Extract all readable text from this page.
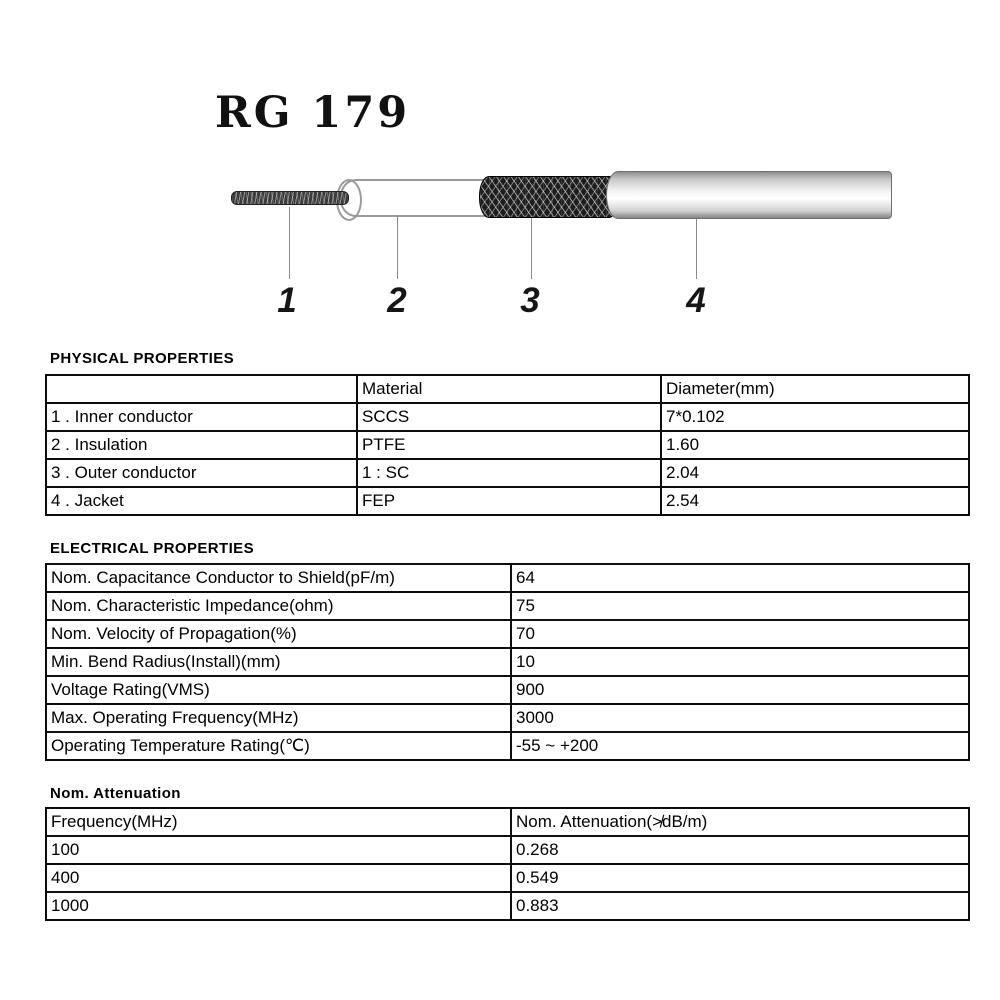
RG 179
1	2	3	4
PHYSICAL PROPERTIES
	Material	Diameter(mm)
1 . Inner conductor	SCCS	7*0.102
2 . Insulation	PTFE	1.60
3 . Outer conductor	1 : SC	2.04
4 . Jacket	FEP	2.54
ELECTRICAL PROPERTIES
Nom. Capacitance Conductor to Shield(pF/m)	64
Nom. Characteristic Impedance(ohm)	75
Nom. Velocity of Propagation(%)	70
Min. Bend Radius(Install)(mm)	10
Voltage Rating(VMS)	900
Max. Operating Frequency(MHz)	3000
Operating Temperature Rating(℃)	-55 ~ +200
Nom. Attenuation
Frequency(MHz)	Nom. Attenuation(≯dB/m)
100	0.268
400	0.549
1000	0.883
